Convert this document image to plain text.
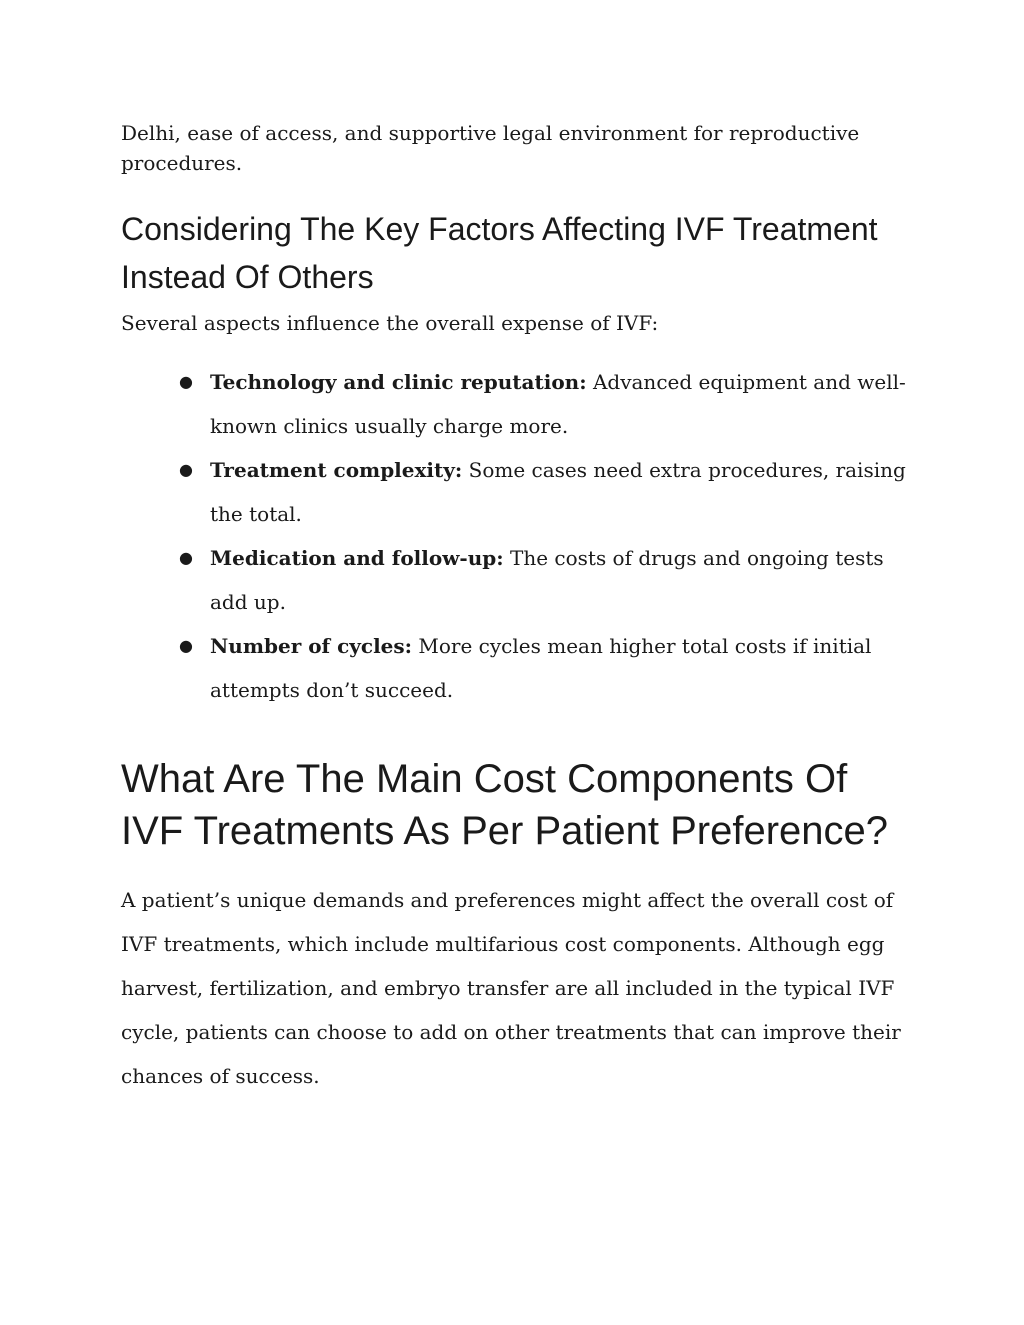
Delhi, ease of access, and supportive legal environment for reproductive procedures.

Considering The Key Factors Affecting IVF Treatment Instead Of Others

Several aspects influence the overall expense of IVF:

● Technology and clinic reputation: Advanced equipment and well-known clinics usually charge more.
● Treatment complexity: Some cases need extra procedures, raising the total.
● Medication and follow-up: The costs of drugs and ongoing tests add up.
● Number of cycles: More cycles mean higher total costs if initial attempts don’t succeed.
What Are The Main Cost Components Of IVF Treatments As Per Patient Preference?

A patient’s unique demands and preferences might affect the overall cost of IVF treatments, which include multifarious cost components. Although egg harvest, fertilization, and embryo transfer are all included in the typical IVF cycle, patients can choose to add on other treatments that can improve their chances of success.
